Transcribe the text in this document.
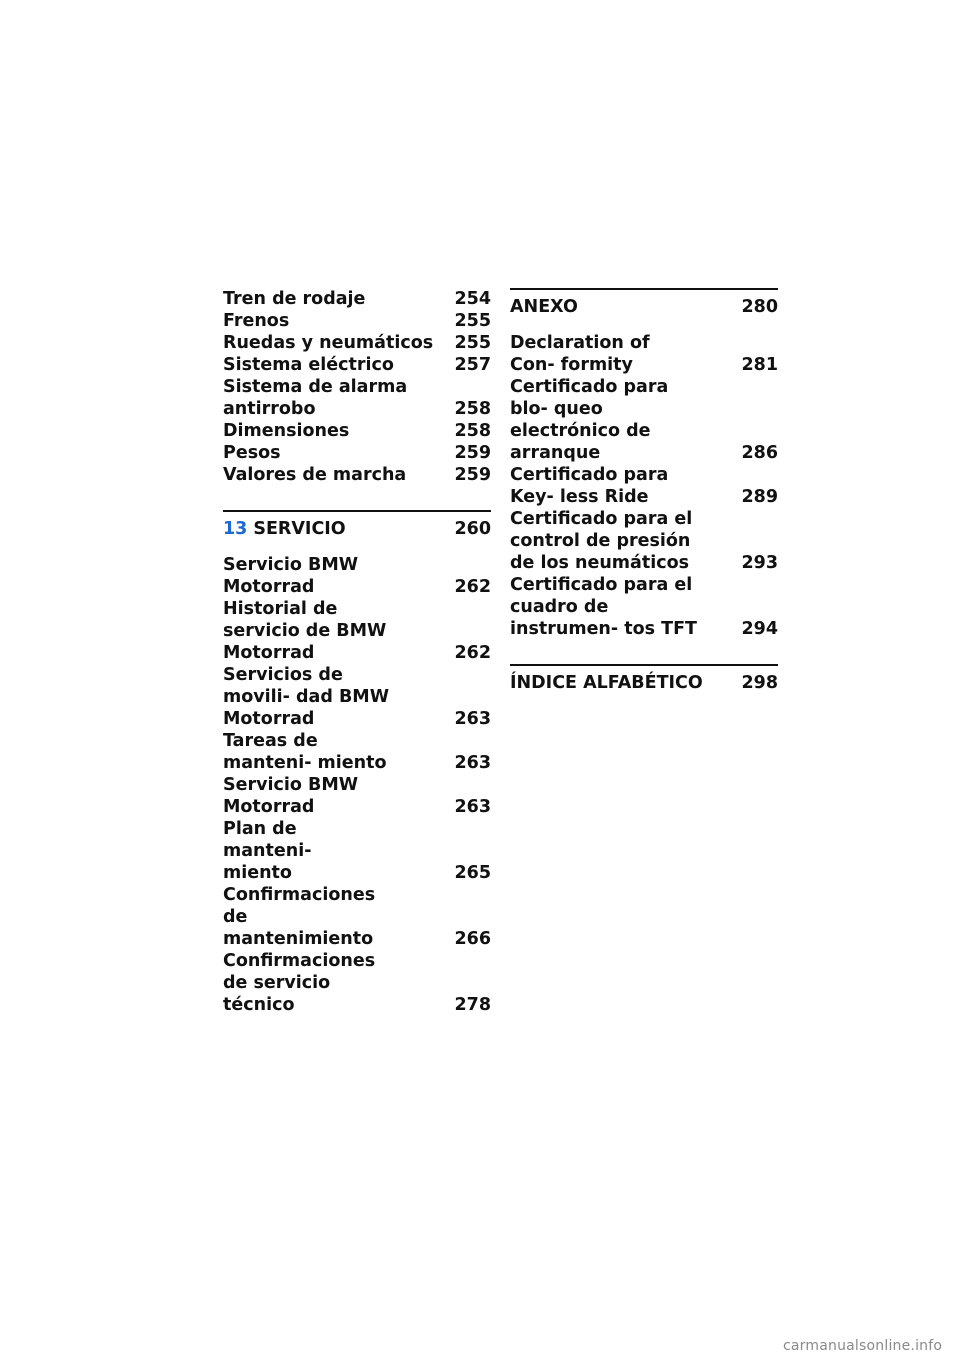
Tren de rodaje	254
Frenos	255
Ruedas y neumáticos	255
Sistema eléctrico	257
Sistema de alarma antirrobo	258
Dimensiones	258
Pesos	259
Valores de marcha	259
13 SERVICIO	260
Servicio BMW Motorrad	262
Historial de servicio de BMW Motorrad	262
Servicios de movili- dad BMW Motorrad	263
Tareas de manteni- miento	263
Servicio BMW Motorrad	263
Plan de manteni- miento	265
Confirmaciones de mantenimiento	266
Confirmaciones de servicio técnico	278
ANEXO	280
Declaration of Con- formity	281
Certificado para blo- queo electrónico de arranque	286
Certificado para Key- less Ride	289
Certificado para el control de presión de los neumáticos	293
Certificado para el cuadro de instrumen- tos TFT	294
ÍNDICE ALFABÉTICO 298
carmanualsonline.info
